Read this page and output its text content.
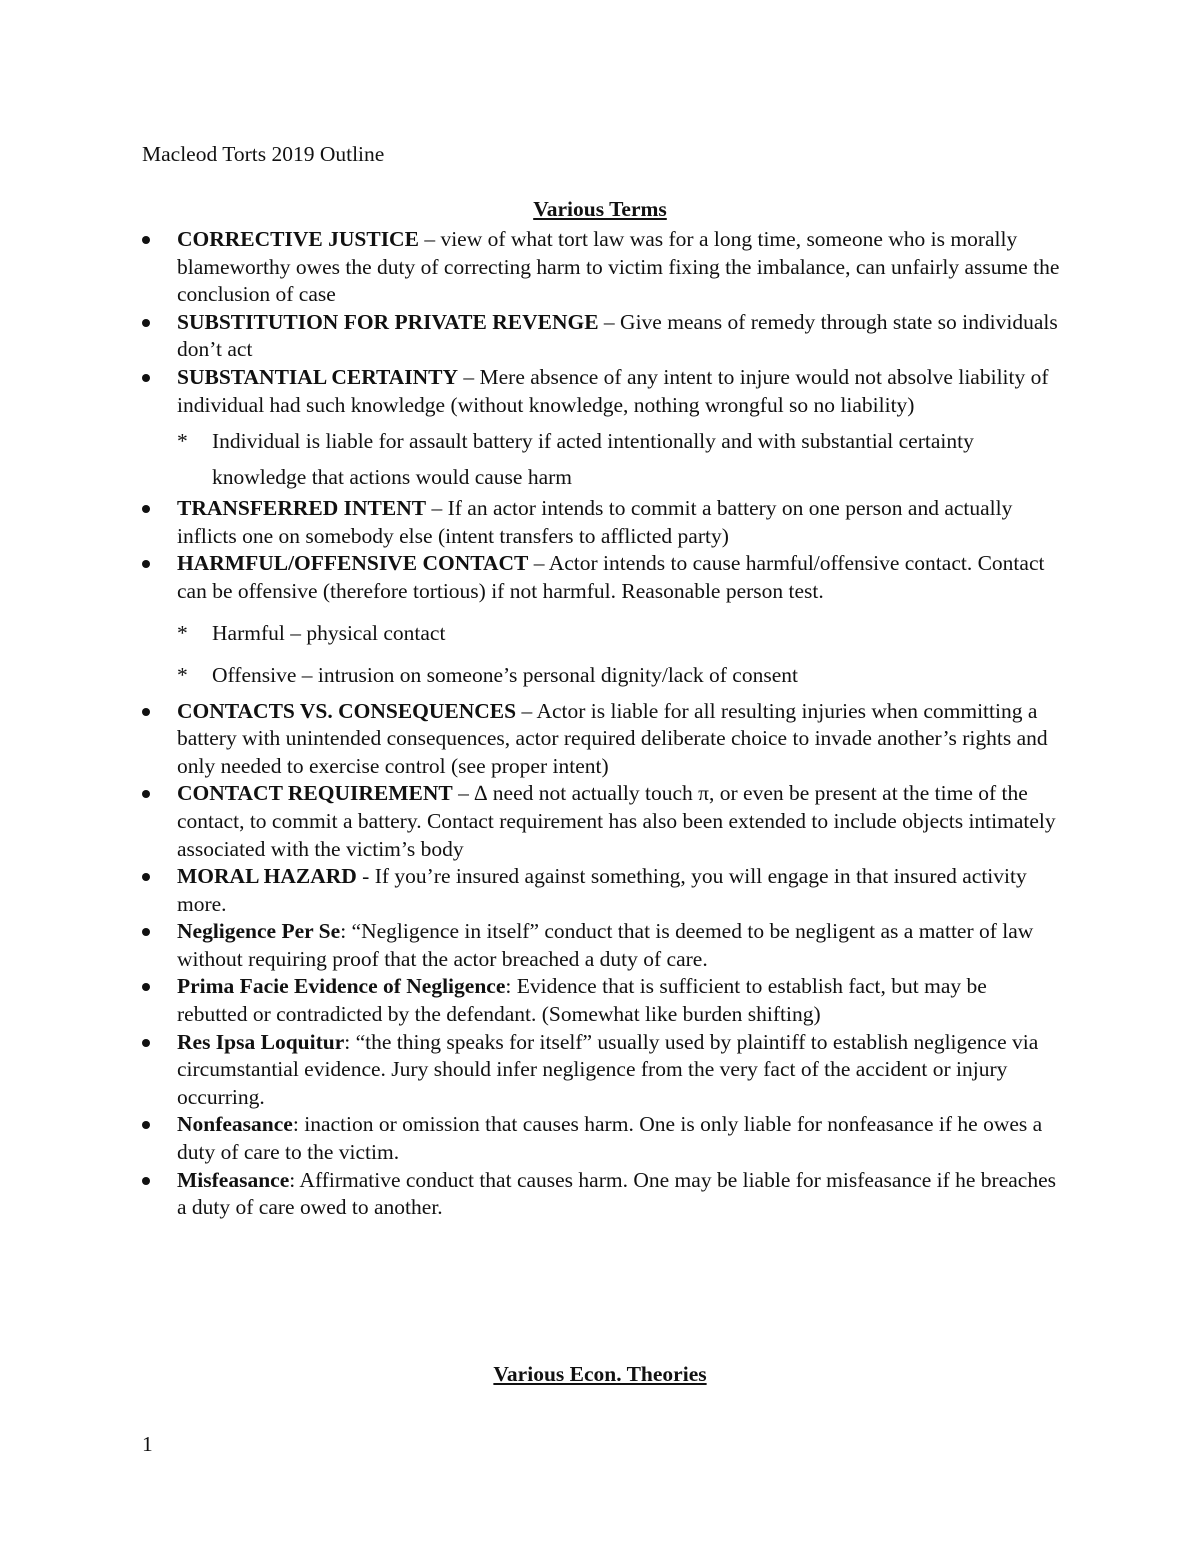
Macleod Torts 2019 Outline

Various Terms

CORRECTIVE JUSTICE – view of what tort law was for a long time, someone who is morally blameworthy owes the duty of correcting harm to victim fixing the imbalance, can unfairly assume the conclusion of case

SUBSTITUTION FOR PRIVATE REVENGE – Give means of remedy through state so individuals don’t act

SUBSTANTIAL CERTAINTY – Mere absence of any intent to injure would not absolve liability of individual had such knowledge (without knowledge, nothing wrongful so no liability)

* Individual is liable for assault battery if acted intentionally and with substantial certainty knowledge that actions would cause harm

TRANSFERRED INTENT – If an actor intends to commit a battery on one person and actually inflicts one on somebody else (intent transfers to afflicted party)

HARMFUL/OFFENSIVE CONTACT – Actor intends to cause harmful/offensive contact. Contact can be offensive (therefore tortious) if not harmful. Reasonable person test.

* Harmful – physical contact

* Offensive – intrusion on someone’s personal dignity/lack of consent

CONTACTS VS. CONSEQUENCES – Actor is liable for all resulting injuries when committing a battery with unintended consequences, actor required deliberate choice to invade another’s rights and only needed to exercise control (see proper intent)

CONTACT REQUIREMENT – ∆ need not actually touch π, or even be present at the time of the contact, to commit a battery. Contact requirement has also been extended to include objects intimately associated with the victim’s body

MORAL HAZARD - If you’re insured against something, you will engage in that insured activity more.

Negligence Per Se: “Negligence in itself” conduct that is deemed to be negligent as a matter of law without requiring proof that the actor breached a duty of care.

Prima Facie Evidence of Negligence: Evidence that is sufficient to establish fact, but may be rebutted or contradicted by the defendant. (Somewhat like burden shifting)

Res Ipsa Loquitur: “the thing speaks for itself” usually used by plaintiff to establish negligence via circumstantial evidence. Jury should infer negligence from the very fact of the accident or injury occurring.

Nonfeasance: inaction or omission that causes harm. One is only liable for nonfeasance if he owes a duty of care to the victim.

Misfeasance: Affirmative conduct that causes harm. One may be liable for misfeasance if he breaches a duty of care owed to another.

Various Econ. Theories
1
